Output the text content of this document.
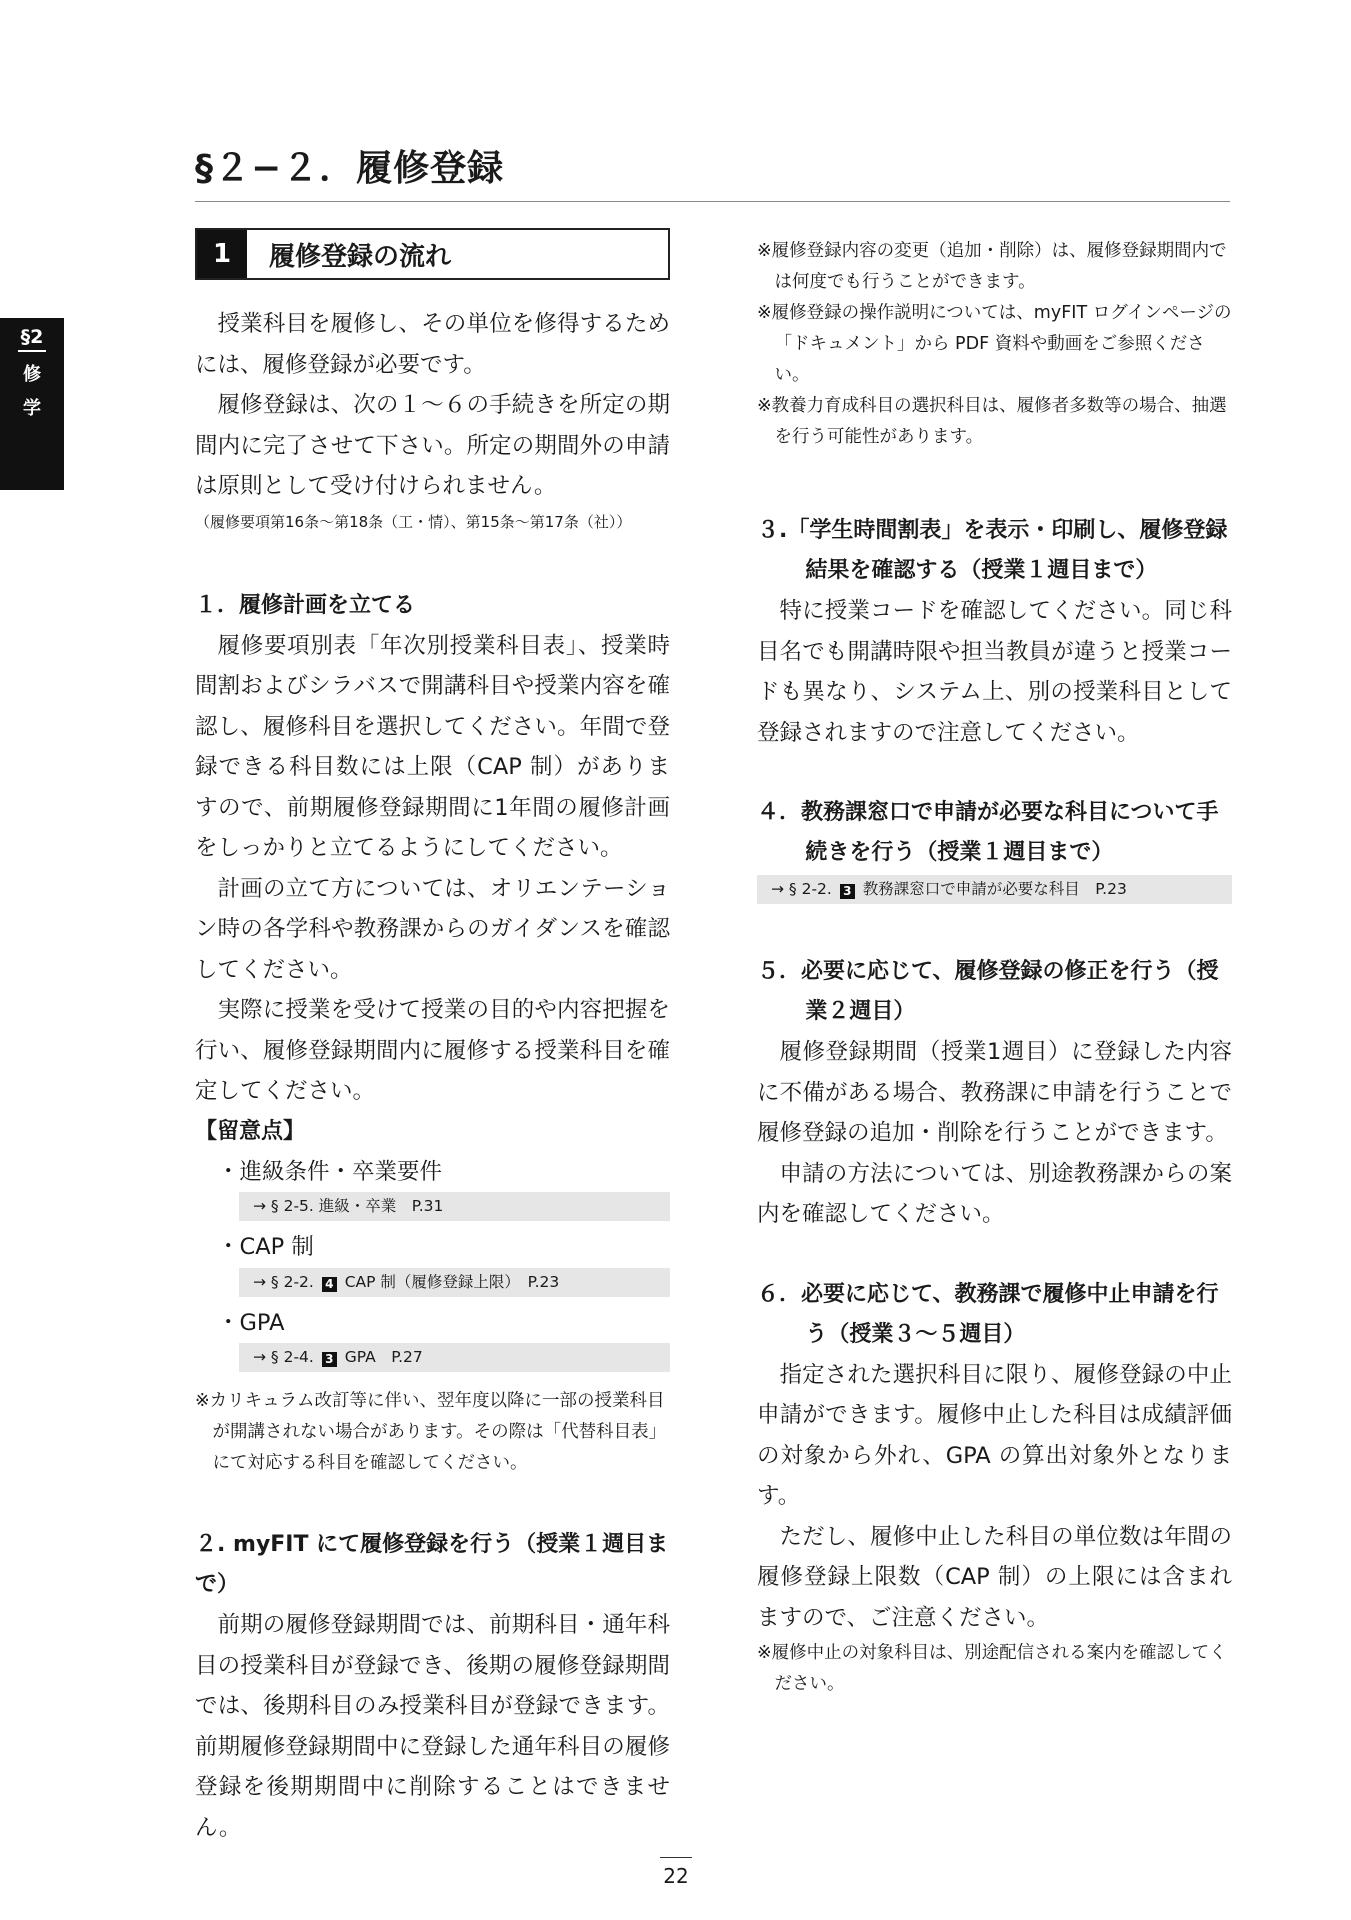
§2
修
学
§２−２．履修登録
1	履修登録の流れ

授業科目を履修し、その単位を修得するためには、履修登録が必要です。

履修登録は、次の１〜６の手続きを所定の期間内に完了させて下さい。所定の期間外の申請は原則として受け付けられません。

（履修要項第16条〜第18条（工・情）、第15条〜第17条（社））

１．履修計画を立てる

履修要項別表「年次別授業科目表」、授業時間割およびシラバスで開講科目や授業内容を確認し、履修科目を選択してください。年間で登録できる科目数には上限（CAP 制）がありますので、前期履修登録期間に1年間の履修計画をしっかりと立てるようにしてください。

計画の立て方については、オリエンテーション時の各学科や教務課からのガイダンスを確認してください。

実際に授業を受けて授業の目的や内容把握を行い、履修登録期間内に履修する授業科目を確定してください。

【留意点】

・進級条件・卒業要件

→ § 2-5. 進級・卒業　P.31

・CAP 制

→ § 2-2. 4 CAP 制（履修登録上限）　P.23

・GPA

→ § 2-4. 3 GPA　P.27

※カリキュラム改訂等に伴い、翌年度以降に一部の授業科目が開講されない場合があります。その際は「代替科目表」にて対応する科目を確認してください。

２. myFIT にて履修登録を行う（授業１週目まで）

前期の履修登録期間では、前期科目・通年科目の授業科目が登録でき、後期の履修登録期間では、後期科目のみ授業科目が登録できます。前期履修登録期間中に登録した通年科目の履修登録を後期期間中に削除することはできません。

※履修登録内容の変更（追加・削除）は、履修登録期間内では何度でも行うことができます。

※履修登録の操作説明については、myFIT ログインページの「ドキュメント」から PDF 資料や動画をご参照ください。

※教養力育成科目の選択科目は、履修者多数等の場合、抽選を行う可能性があります。

３.「学生時間割表」を表示・印刷し、履修登録結果を確認する（授業１週目まで）

特に授業コードを確認してください。同じ科目名でも開講時限や担当教員が違うと授業コードも異なり、システム上、別の授業科目として登録されますので注意してください。

４．教務課窓口で申請が必要な科目について手続きを行う（授業１週目まで）

→ § 2-2. 3 教務課窓口で申請が必要な科目　P.23

５．必要に応じて、履修登録の修正を行う（授業２週目）

履修登録期間（授業1週目）に登録した内容に不備がある場合、教務課に申請を行うことで履修登録の追加・削除を行うことができます。

申請の方法については、別途教務課からの案内を確認してください。

６．必要に応じて、教務課で履修中止申請を行う（授業３〜５週目）

指定された選択科目に限り、履修登録の中止申請ができます。履修中止した科目は成績評価の対象から外れ、GPA の算出対象外となります。

ただし、履修中止した科目の単位数は年間の履修登録上限数（CAP 制）の上限には含まれますので、ご注意ください。

※履修中止の対象科目は、別途配信される案内を確認してください。

22
